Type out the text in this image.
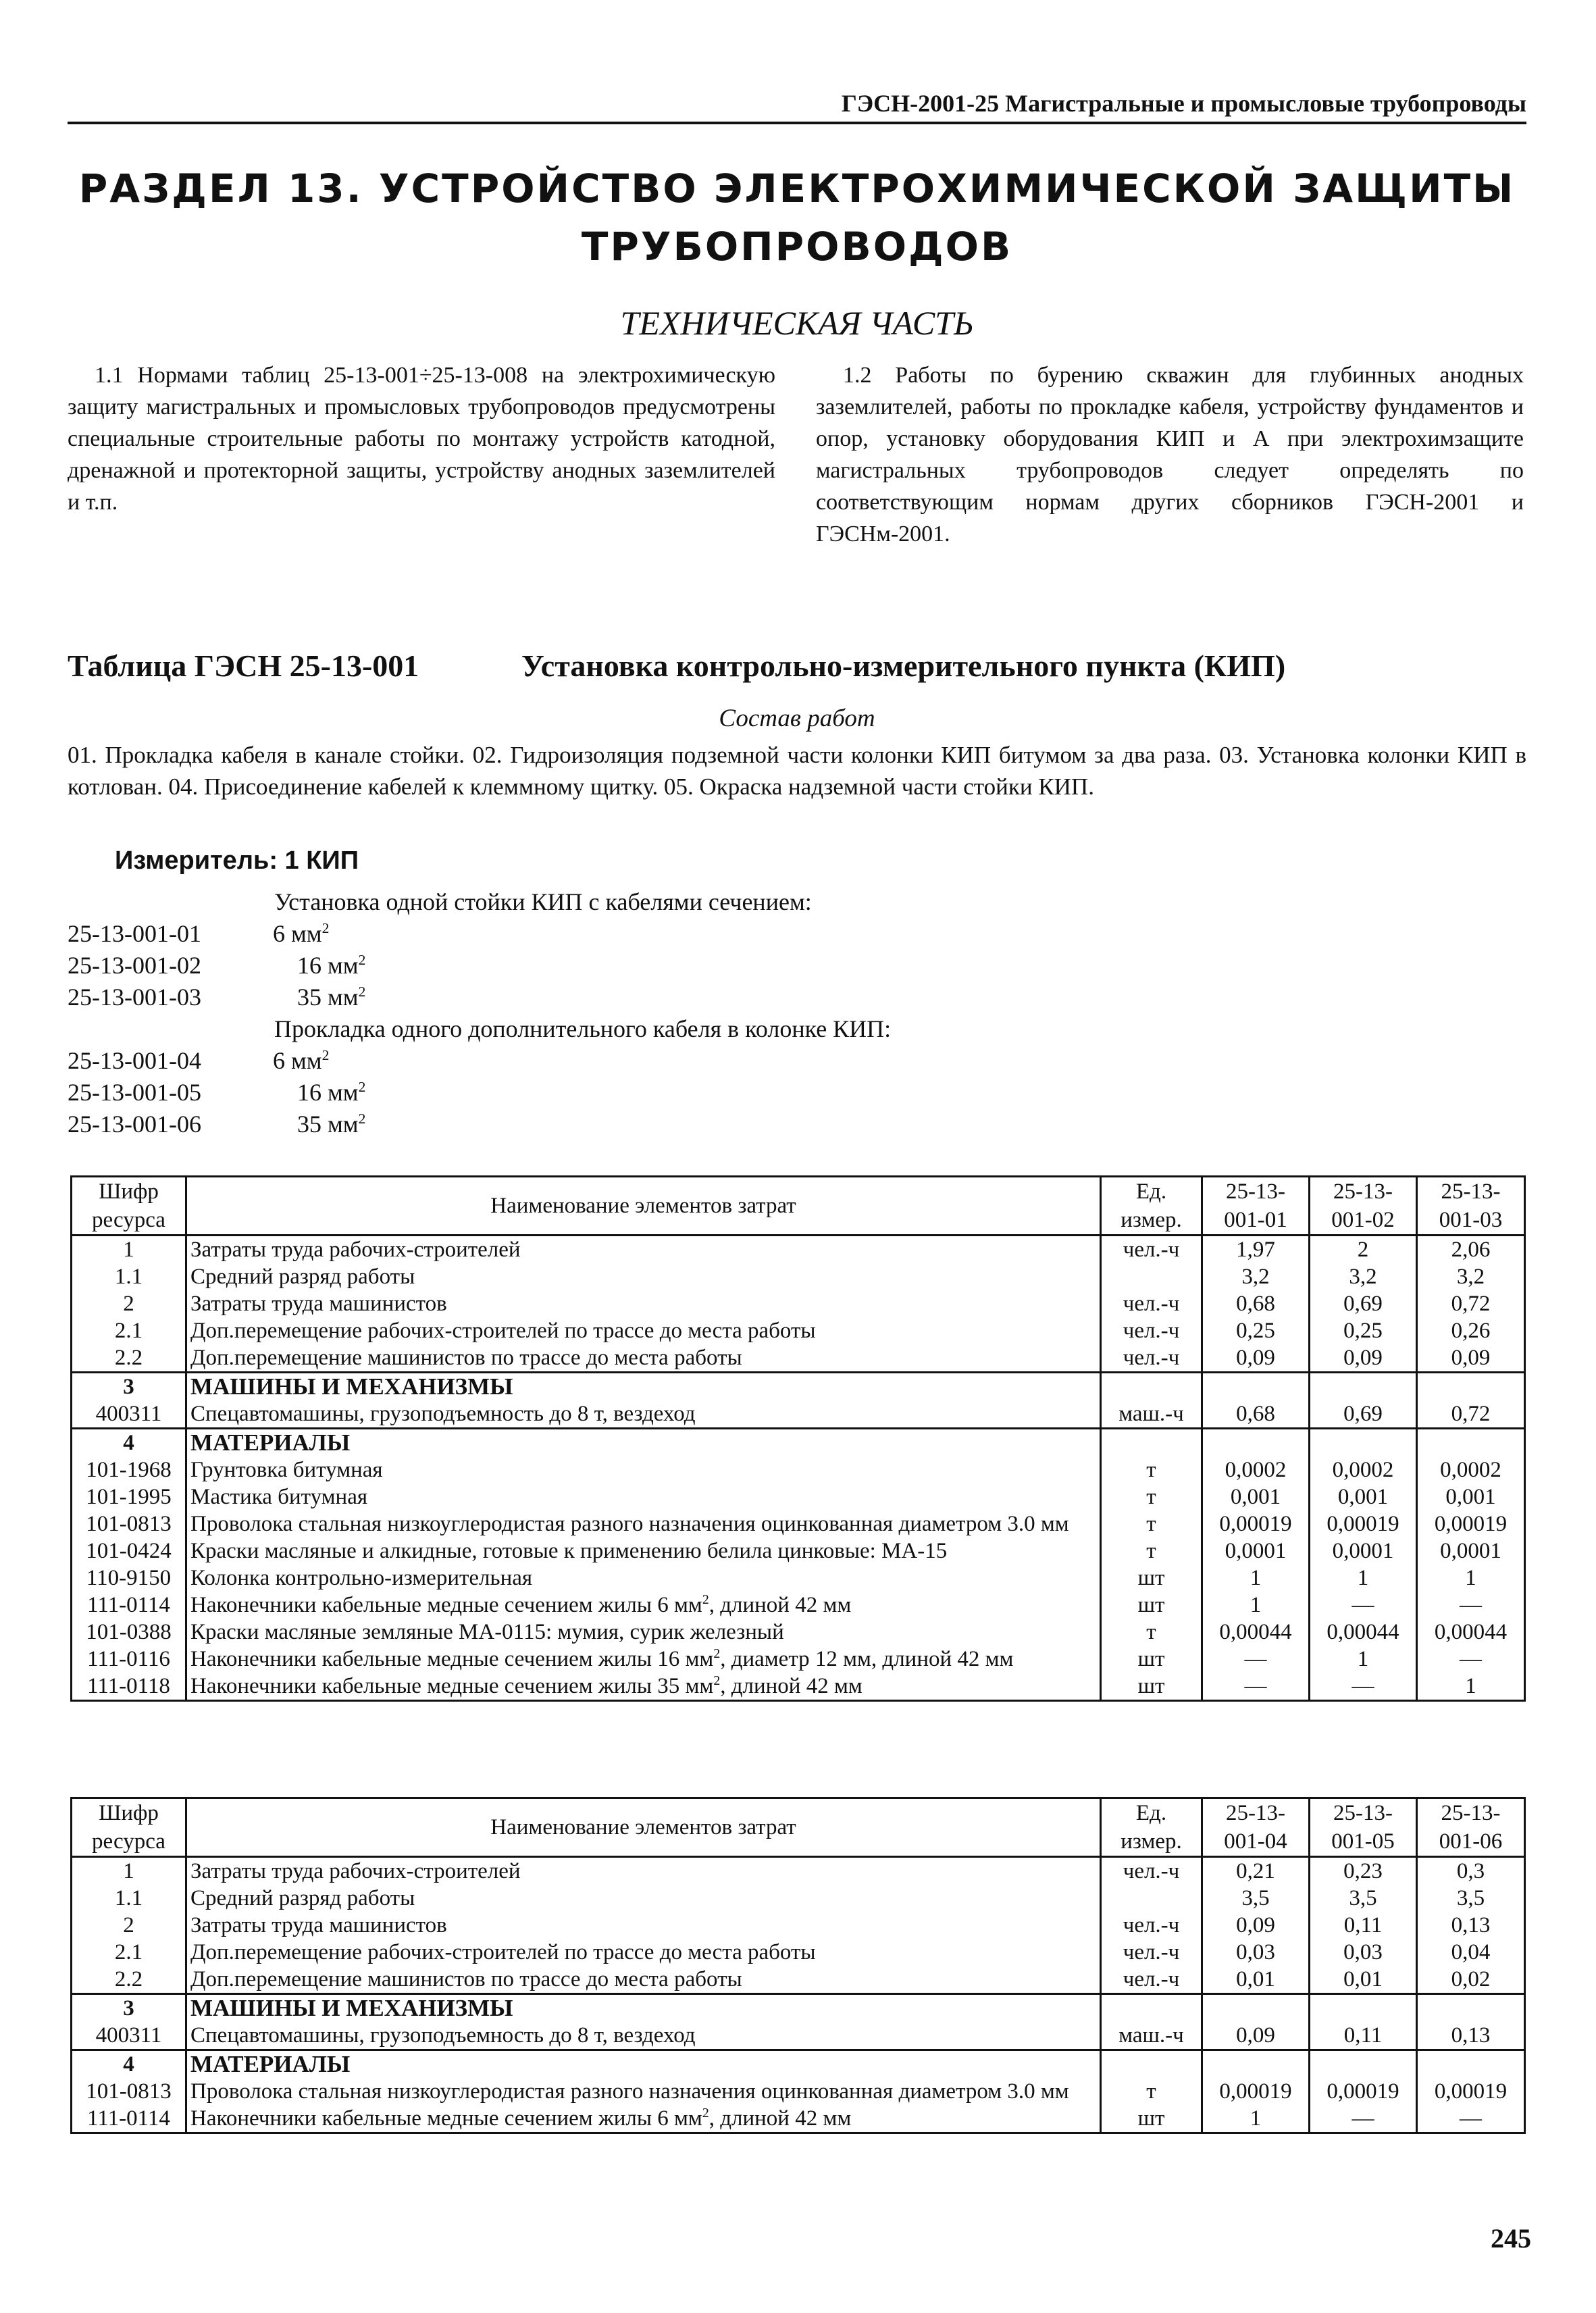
ГЭСН-2001-25 Магистральные и промысловые трубопроводы
РАЗДЕЛ 13. УСТРОЙСТВО ЭЛЕКТРОХИМИЧЕСКОЙ ЗАЩИТЫ
ТРУБОПРОВОДОВ
ТЕХНИЧЕСКАЯ ЧАСТЬ
1.1 Нормами таблиц 25-13-001÷25-13-008 на электрохимическую защиту магистральных и промысловых трубопроводов предусмотрены специальные строительные работы по монтажу устройств катодной, дренажной и протекторной защиты, устройству анодных заземлителей и т.п.
1.2 Работы по бурению скважин для глубинных анодных заземлителей, работы по прокладке кабеля, устройству фундаментов и опор, установку оборудования КИП и А при электрохимзащите магистральных трубопроводов следует определять по соответствующим нормам других сборников ГЭСН-2001 и ГЭСНм-2001.
Таблица ГЭСН 25-13-001	Установка контрольно-измерительного пункта (КИП)
Состав работ
01. Прокладка кабеля в канале стойки. 02. Гидроизоляция подземной части колонки КИП битумом за два раза. 03. Установка колонки КИП в котлован. 04. Присоединение кабелей к клеммному щитку. 05. Окраска надземной части стойки КИП.
Измеритель: 1 КИП
Установка одной стойки КИП с кабелями сечением:
25-13-001-01	6 $мм^2$
25-13-001-02	16 $мм^2$
25-13-001-03	35 $мм^2$
Прокладка одного дополнительного кабеля в колонке КИП:
25-13-001-04	6 $мм^2$
25-13-001-05	16 $мм^2$
25-13-001-06	35 $мм^2$
Шифр ресурса	Наименование элементов затрат	Ед. измер.	25-13-001-01	25-13-001-02	25-13-001-03
1	Затраты труда рабочих-строителей	чел.-ч	1,97	2	2,06
1.1	Средний разряд работы		3,2	3,2	3,2
2	Затраты труда машинистов	чел.-ч	0,68	0,69	0,72
2.1	Доп.перемещение рабочих-строителей по трассе до места работы	чел.-ч	0,25	0,25	0,26
2.2	Доп.перемещение машинистов по трассе до места работы	чел.-ч	0,09	0,09	0,09
3	МАШИНЫ И МЕХАНИЗМЫ				
400311	Спецавтомашины, грузоподъемность до 8 т, вездеход	маш.-ч	0,68	0,69	0,72
4	МАТЕРИАЛЫ				
101-1968	Грунтовка битумная	т	0,0002	0,0002	0,0002
101-1995	Мастика битумная	т	0,001	0,001	0,001
101-0813	Проволока стальная низкоуглеродистая разного назначения оцинкованная диаметром 3.0 мм	т	0,00019	0,00019	0,00019
101-0424	Краски масляные и алкидные, готовые к применению белила цинковые: МА-15	т	0,0001	0,0001	0,0001
110-9150	Колонка контрольно-измерительная	шт	1	1	1
111-0114	Наконечники кабельные медные сечением жилы 6 $мм^2$, длиной 42 мм	шт	1	—	—
101-0388	Краски масляные земляные МА-0115: мумия, сурик железный	т	0,00044	0,00044	0,00044
111-0116	Наконечники кабельные медные сечением жилы 16 $мм^2$, диаметр 12 мм, длиной 42 мм	шт	—	1	—
111-0118	Наконечники кабельные медные сечением жилы 35 $мм^2$, длиной 42 мм	шт	—	—	1
Шифр ресурса	Наименование элементов затрат	Ед. измер.	25-13-001-04	25-13-001-05	25-13-001-06
1	Затраты труда рабочих-строителей	чел.-ч	0,21	0,23	0,3
1.1	Средний разряд работы		3,5	3,5	3,5
2	Затраты труда машинистов	чел.-ч	0,09	0,11	0,13
2.1	Доп.перемещение рабочих-строителей по трассе до места работы	чел.-ч	0,03	0,03	0,04
2.2	Доп.перемещение машинистов по трассе до места работы	чел.-ч	0,01	0,01	0,02
3	МАШИНЫ И МЕХАНИЗМЫ				
400311	Спецавтомашины, грузоподъемность до 8 т, вездеход	маш.-ч	0,09	0,11	0,13
4	МАТЕРИАЛЫ				
101-0813	Проволока стальная низкоуглеродистая разного назначения оцинкованная диаметром 3.0 мм	т	0,00019	0,00019	0,00019
111-0114	Наконечники кабельные медные сечением жилы 6 $мм^2$, длиной 42 мм	шт	1	—	—
245
